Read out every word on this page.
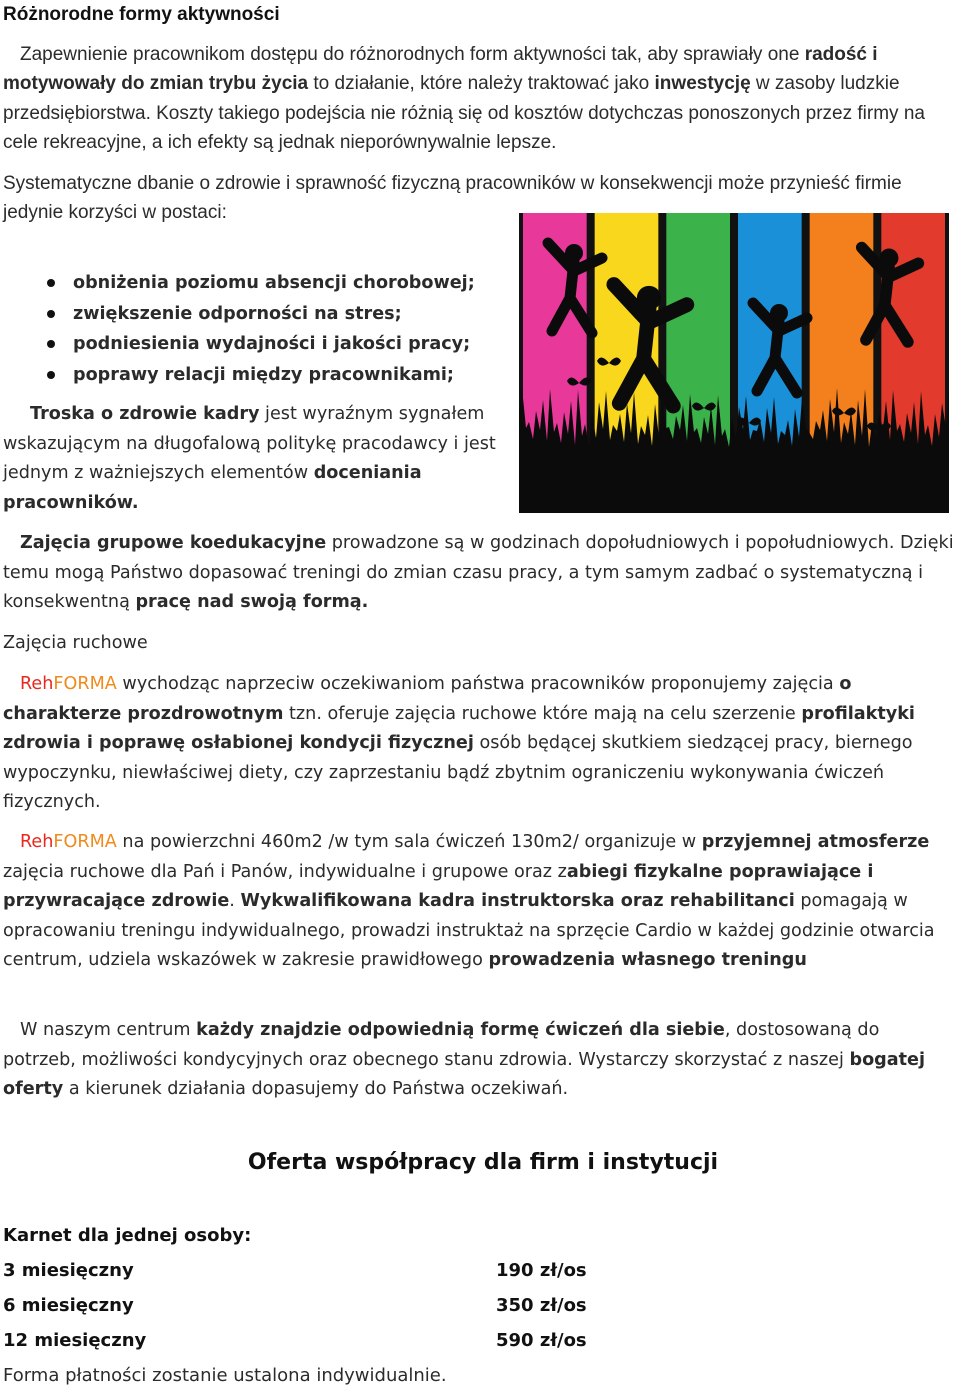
Różnorodne formy aktywności

Zapewnienie pracownikom dostępu do różnorodnych form aktywności tak, aby sprawiały one radość i motywowały do zmian trybu życia to działanie, które należy traktować jako inwestycję w zasoby ludzkie przedsiębiorstwa. Koszty takiego podejścia nie różnią się od kosztów dotychczas ponoszonych przez firmy na cele rekreacyjne, a ich efekty są jednak nieporównywalnie lepsze.

Systematyczne dbanie o zdrowie i sprawność fizyczną pracowników w konsekwencji może przynieść firmie jedynie korzyści w postaci:

obniżenia poziomu absencji chorobowej;
zwiększenie odporności na stres;
podniesienia wydajności i jakości pracy;
poprawy relacji między pracownikami;

Troska o zdrowie kadry jest wyraźnym sygnałem wskazującym na długofalową politykę pracodawcy i jest jednym z ważniejszych elementów doceniania pracowników.

Zajęcia grupowe koedukacyjne prowadzone są w godzinach dopołudniowych i popołudniowych. Dzięki temu mogą Państwo dopasować treningi do zmian czasu pracy, a tym samym zadbać o systematyczną i konsekwentną pracę nad swoją formą.

Zajęcia ruchowe

RehFORMA wychodząc naprzeciw oczekiwaniom państwa pracowników proponujemy zajęcia o charakterze prozdrowotnym tzn. oferuje zajęcia ruchowe które mają na celu szerzenie profilaktyki zdrowia i poprawę osłabionej kondycji fizycznej osób będącej skutkiem siedzącej pracy, biernego wypoczynku, niewłaściwej diety, czy zaprzestaniu bądź zbytnim ograniczeniu wykonywania ćwiczeń fizycznych.

RehFORMA na powierzchni 460m2 /w tym sala ćwiczeń 130m2/ organizuje w przyjemnej atmosferze zajęcia ruchowe dla Pań i Panów, indywidualne i grupowe oraz zabiegi fizykalne poprawiające i przywracające zdrowie. Wykwalifikowana kadra instruktorska oraz rehabilitanci pomagają w opracowaniu treningu indywidualnego, prowadzi instruktaż na sprzęcie Cardio w każdej godzinie otwarcia centrum, udziela wskazówek w zakresie prawidłowego prowadzenia własnego treningu

W naszym centrum każdy znajdzie odpowiednią formę ćwiczeń dla siebie, dostosowaną do potrzeb, możliwości kondycyjnych oraz obecnego stanu zdrowia. Wystarczy skorzystać z naszej bogatej oferty a kierunek działania dopasujemy do Państwa oczekiwań.

Oferta współpracy dla firm i instytucji
Karnet dla jednej osoby:
3 miesięczny	190 zł/os
6 miesięczny	350 zł/os
12 miesięczny	590 zł/os

Forma płatności zostanie ustalona indywidualnie.
